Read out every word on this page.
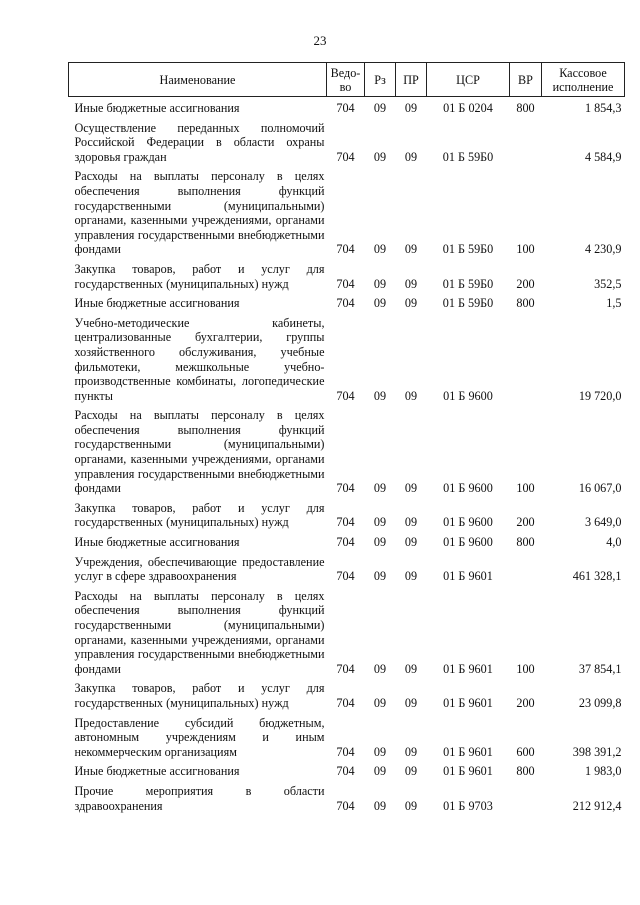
23
Наименование	Ведо-во	Рз	ПР	ЦСР	ВР	Кассовое исполнение
Иные бюджетные ассигнования	704	09	09	01 Б 0204	800	1 854,3
Осуществление переданных полномочий Российской Федерации в области охраны здоровья граждан	704	09	09	01 Б 59Б0		4 584,9
Расходы на выплаты персоналу в целях обеспечения выполнения функций государственными (муниципальными) органами, казенными учреждениями, органами управления государственными внебюджетными фондами	704	09	09	01 Б 59Б0	100	4 230,9
Закупка товаров, работ и услуг для государственных (муниципальных) нужд	704	09	09	01 Б 59Б0	200	352,5
Иные бюджетные ассигнования	704	09	09	01 Б 59Б0	800	1,5
Учебно-методические кабинеты, централизованные бухгалтерии, группы хозяйственного обслуживания, учебные фильмотеки, межшкольные учебно-производственные комбинаты, логопедические пункты	704	09	09	01 Б 9600		19 720,0
Расходы на выплаты персоналу в целях обеспечения выполнения функций государственными (муниципальными) органами, казенными учреждениями, органами управления государственными внебюджетными фондами	704	09	09	01 Б 9600	100	16 067,0
Закупка товаров, работ и услуг для государственных (муниципальных) нужд	704	09	09	01 Б 9600	200	3 649,0
Иные бюджетные ассигнования	704	09	09	01 Б 9600	800	4,0
Учреждения, обеспечивающие предоставление услуг в сфере здравоохранения	704	09	09	01 Б 9601		461 328,1
Расходы на выплаты персоналу в целях обеспечения выполнения функций государственными (муниципальными) органами, казенными учреждениями, органами управления государственными внебюджетными фондами	704	09	09	01 Б 9601	100	37 854,1
Закупка товаров, работ и услуг для государственных (муниципальных) нужд	704	09	09	01 Б 9601	200	23 099,8
Предоставление субсидий бюджетным, автономным учреждениям и иным некоммерческим организациям	704	09	09	01 Б 9601	600	398 391,2
Иные бюджетные ассигнования	704	09	09	01 Б 9601	800	1 983,0
Прочие мероприятия в области здравоохранения	704	09	09	01 Б 9703		212 912,4
